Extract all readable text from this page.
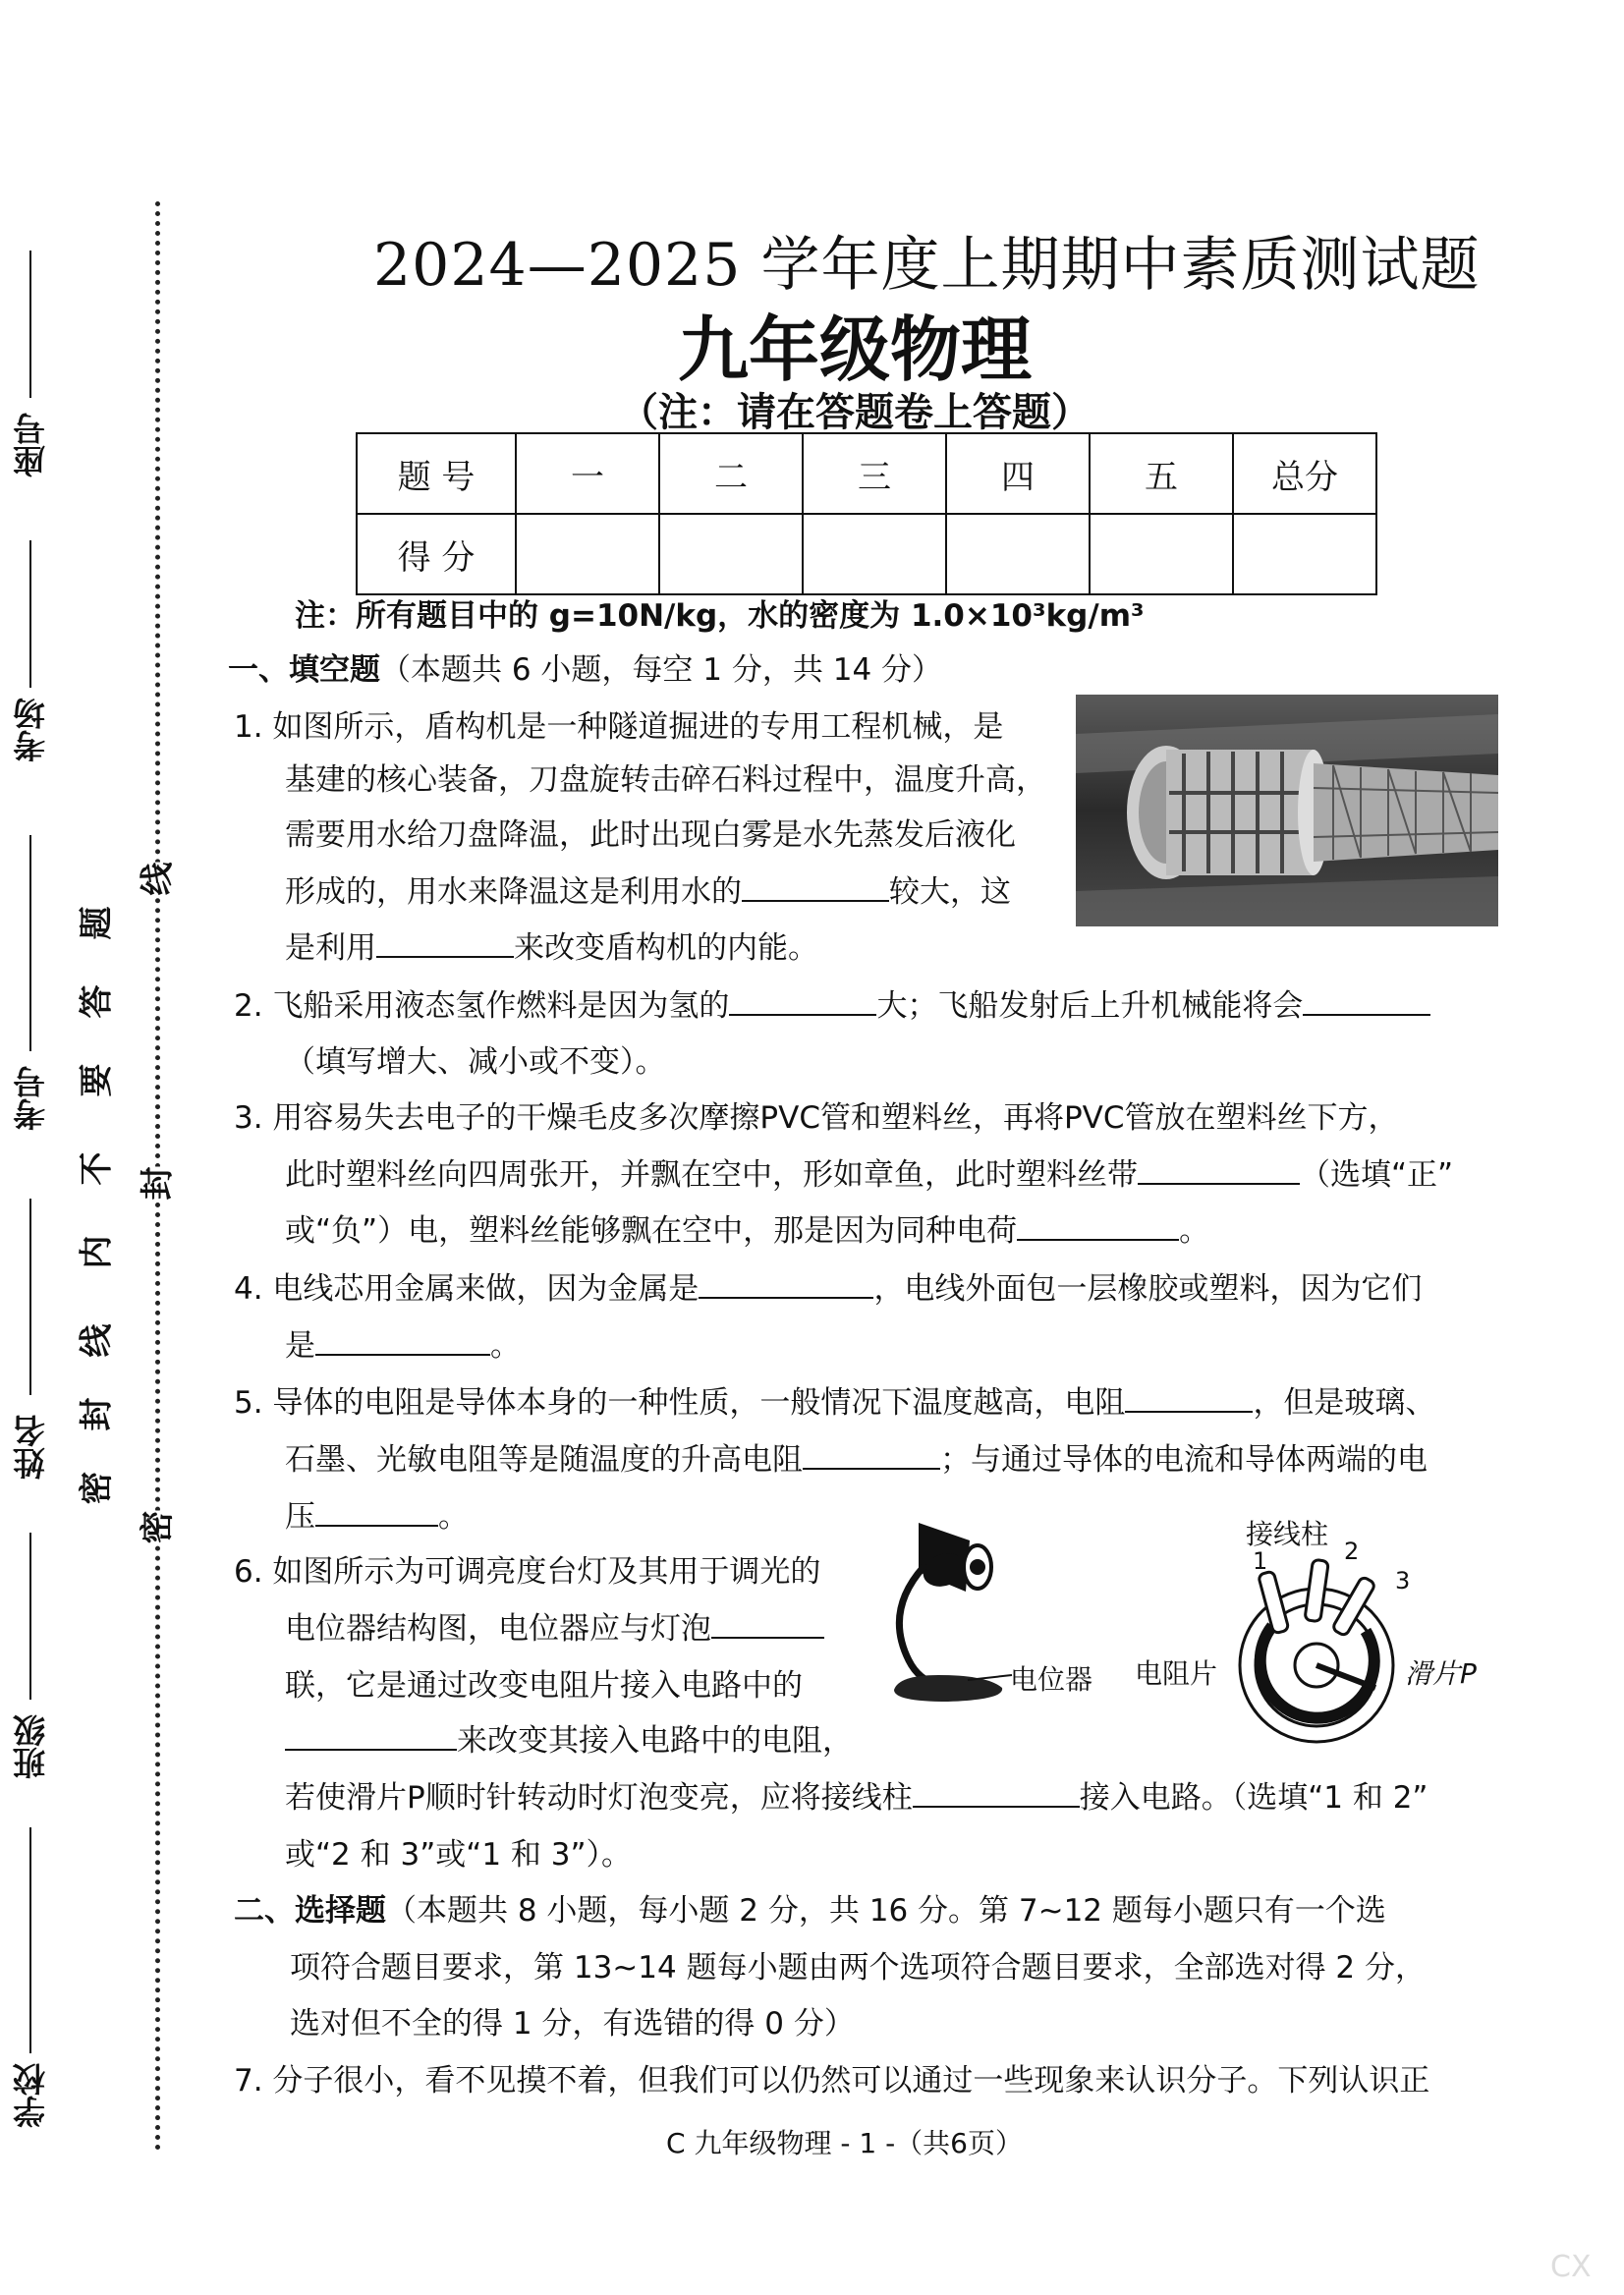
座号
考场
考号
姓名
班级
学校
密
封
线
内
不
要
答
题
线
封
密
2024—2025 学年度上期期中素质测试题
九年级物理
（注：请在答题卷上答题）
题 号	一	二	三	四	五	总分
得 分						
注：所有题目中的 g=10N/kg，水的密度为 1.0×10³kg/m³
一、填空题（本题共 6 小题，每空 1 分，共 14 分）
1. 如图所示，盾构机是一种隧道掘进的专用工程机械，是
基建的核心装备，刀盘旋转击碎石料过程中，温度升高，
需要用水给刀盘降温，此时出现白雾是水先蒸发后液化
形成的，用水来降温这是利用水的	较大，这
是利用	来改变盾构机的内能。
2. 飞船采用液态氢作燃料是因为氢的	大；飞船发射后上升机械能将会
（填写增大、减小或不变）。
3. 用容易失去电子的干燥毛皮多次摩擦PVC管和塑料丝，再将PVC管放在塑料丝下方，
此时塑料丝向四周张开，并飘在空中，形如章鱼，此时塑料丝带	（选填“正”
或“负”）电，塑料丝能够飘在空中，那是因为同种电荷	。
4. 电线芯用金属来做，因为金属是	，电线外面包一层橡胶或塑料，因为它们
是	。
5. 导体的电阻是导体本身的一种性质，一般情况下温度越高，电阻	，但是玻璃、
石墨、光敏电阻等是随温度的升高电阻	；与通过导体的电流和导体两端的电
压	。
6. 如图所示为可调亮度台灯及其用于调光的
电位器结构图，电位器应与灯泡
联，它是通过改变电阻片接入电路中的
来改变其接入电路中的电阻，
若使滑片P顺时针转动时灯泡变亮，应将接线柱	接入电路。（选填“1 和 2”
或“2 和 3”或“1 和 3”）。
电位器
接线柱
1	2
3
电阻片	滑片P
二、选择题（本题共 8 小题，每小题 2 分，共 16 分。第 7~12 题每小题只有一个选
项符合题目要求，第 13~14 题每小题由两个选项符合题目要求，全部选对得 2 分，
选对但不全的得 1 分，有选错的得 0 分）
7. 分子很小，看不见摸不着，但我们可以仍然可以通过一些现象来认识分子。下列认识正
C 九年级物理 - 1 -（共6页）
CX
